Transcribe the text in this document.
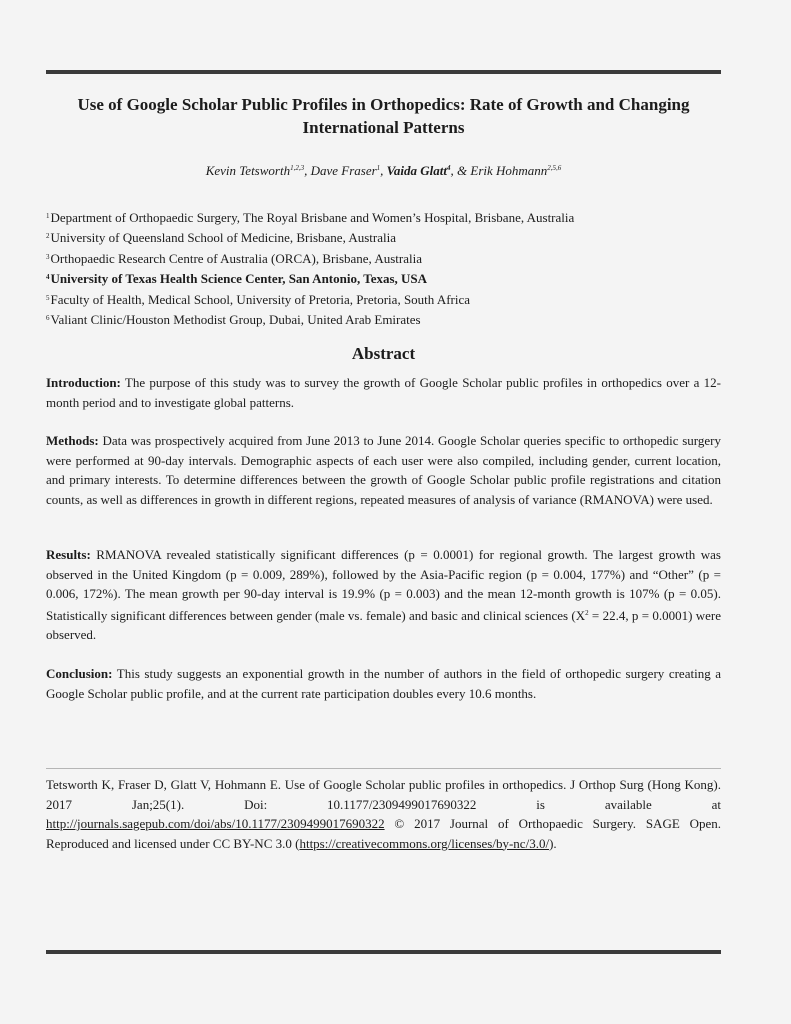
Use of Google Scholar Public Profiles in Orthopedics: Rate of Growth and Changing
International Patterns
Kevin Tetsworth$^{1,2,3}$, Dave Fraser$^1$, Vaida Glatt$^4$, & Erik Hohmann$^{2,5,6}$
$^1$Department of Orthopaedic Surgery, The Royal Brisbane and Women’s Hospital, Brisbane, Australia
$^2$University of Queensland School of Medicine, Brisbane, Australia
$^3$Orthopaedic Research Centre of Australia (ORCA), Brisbane, Australia
$^4$University of Texas Health Science Center, San Antonio, Texas, USA
$^5$Faculty of Health, Medical School, University of Pretoria, Pretoria, South Africa
$^6$Valiant Clinic/Houston Methodist Group, Dubai, United Arab Emirates
Abstract
Introduction: The purpose of this study was to survey the growth of Google Scholar public profiles in orthopedics over a 12-month period and to investigate global patterns.
Methods: Data was prospectively acquired from June 2013 to June 2014. Google Scholar queries specific to orthopedic surgery were performed at 90-day intervals. Demographic aspects of each user were also compiled, including gender, current location, and primary interests. To determine differences between the growth of Google Scholar public profile registrations and citation counts, as well as differences in growth in different regions, repeated measures of analysis of variance (RMANOVA) were used.
Results: RMANOVA revealed statistically significant differences (p = 0.0001) for regional growth. The largest growth was observed in the United Kingdom (p = 0.009, 289%), followed by the Asia-Pacific region (p = 0.004, 177%) and “Other” (p = 0.006, 172%). The mean growth per 90-day interval is 19.9% (p = 0.003) and the mean 12-month growth is 107% (p = 0.05). Statistically significant differences between gender (male vs. female) and basic and clinical sciences ($X^2 = 22.4$, p = 0.0001) were observed.
Conclusion: This study suggests an exponential growth in the number of authors in the field of orthopedic surgery creating a Google Scholar public profile, and at the current rate participation doubles every 10.6 months.
Tetsworth K, Fraser D, Glatt V, Hohmann E. Use of Google Scholar public profiles in orthopedics. J Orthop Surg (Hong Kong). 2017 Jan;25(1). Doi: 10.1177/2309499017690322 is available at http://journals.sagepub.com/doi/abs/10.1177/2309499017690322 © 2017 Journal of Orthopaedic Surgery. SAGE Open. Reproduced and licensed under CC BY-NC 3.0 (https://creativecommons.org/licenses/by-nc/3.0/).
